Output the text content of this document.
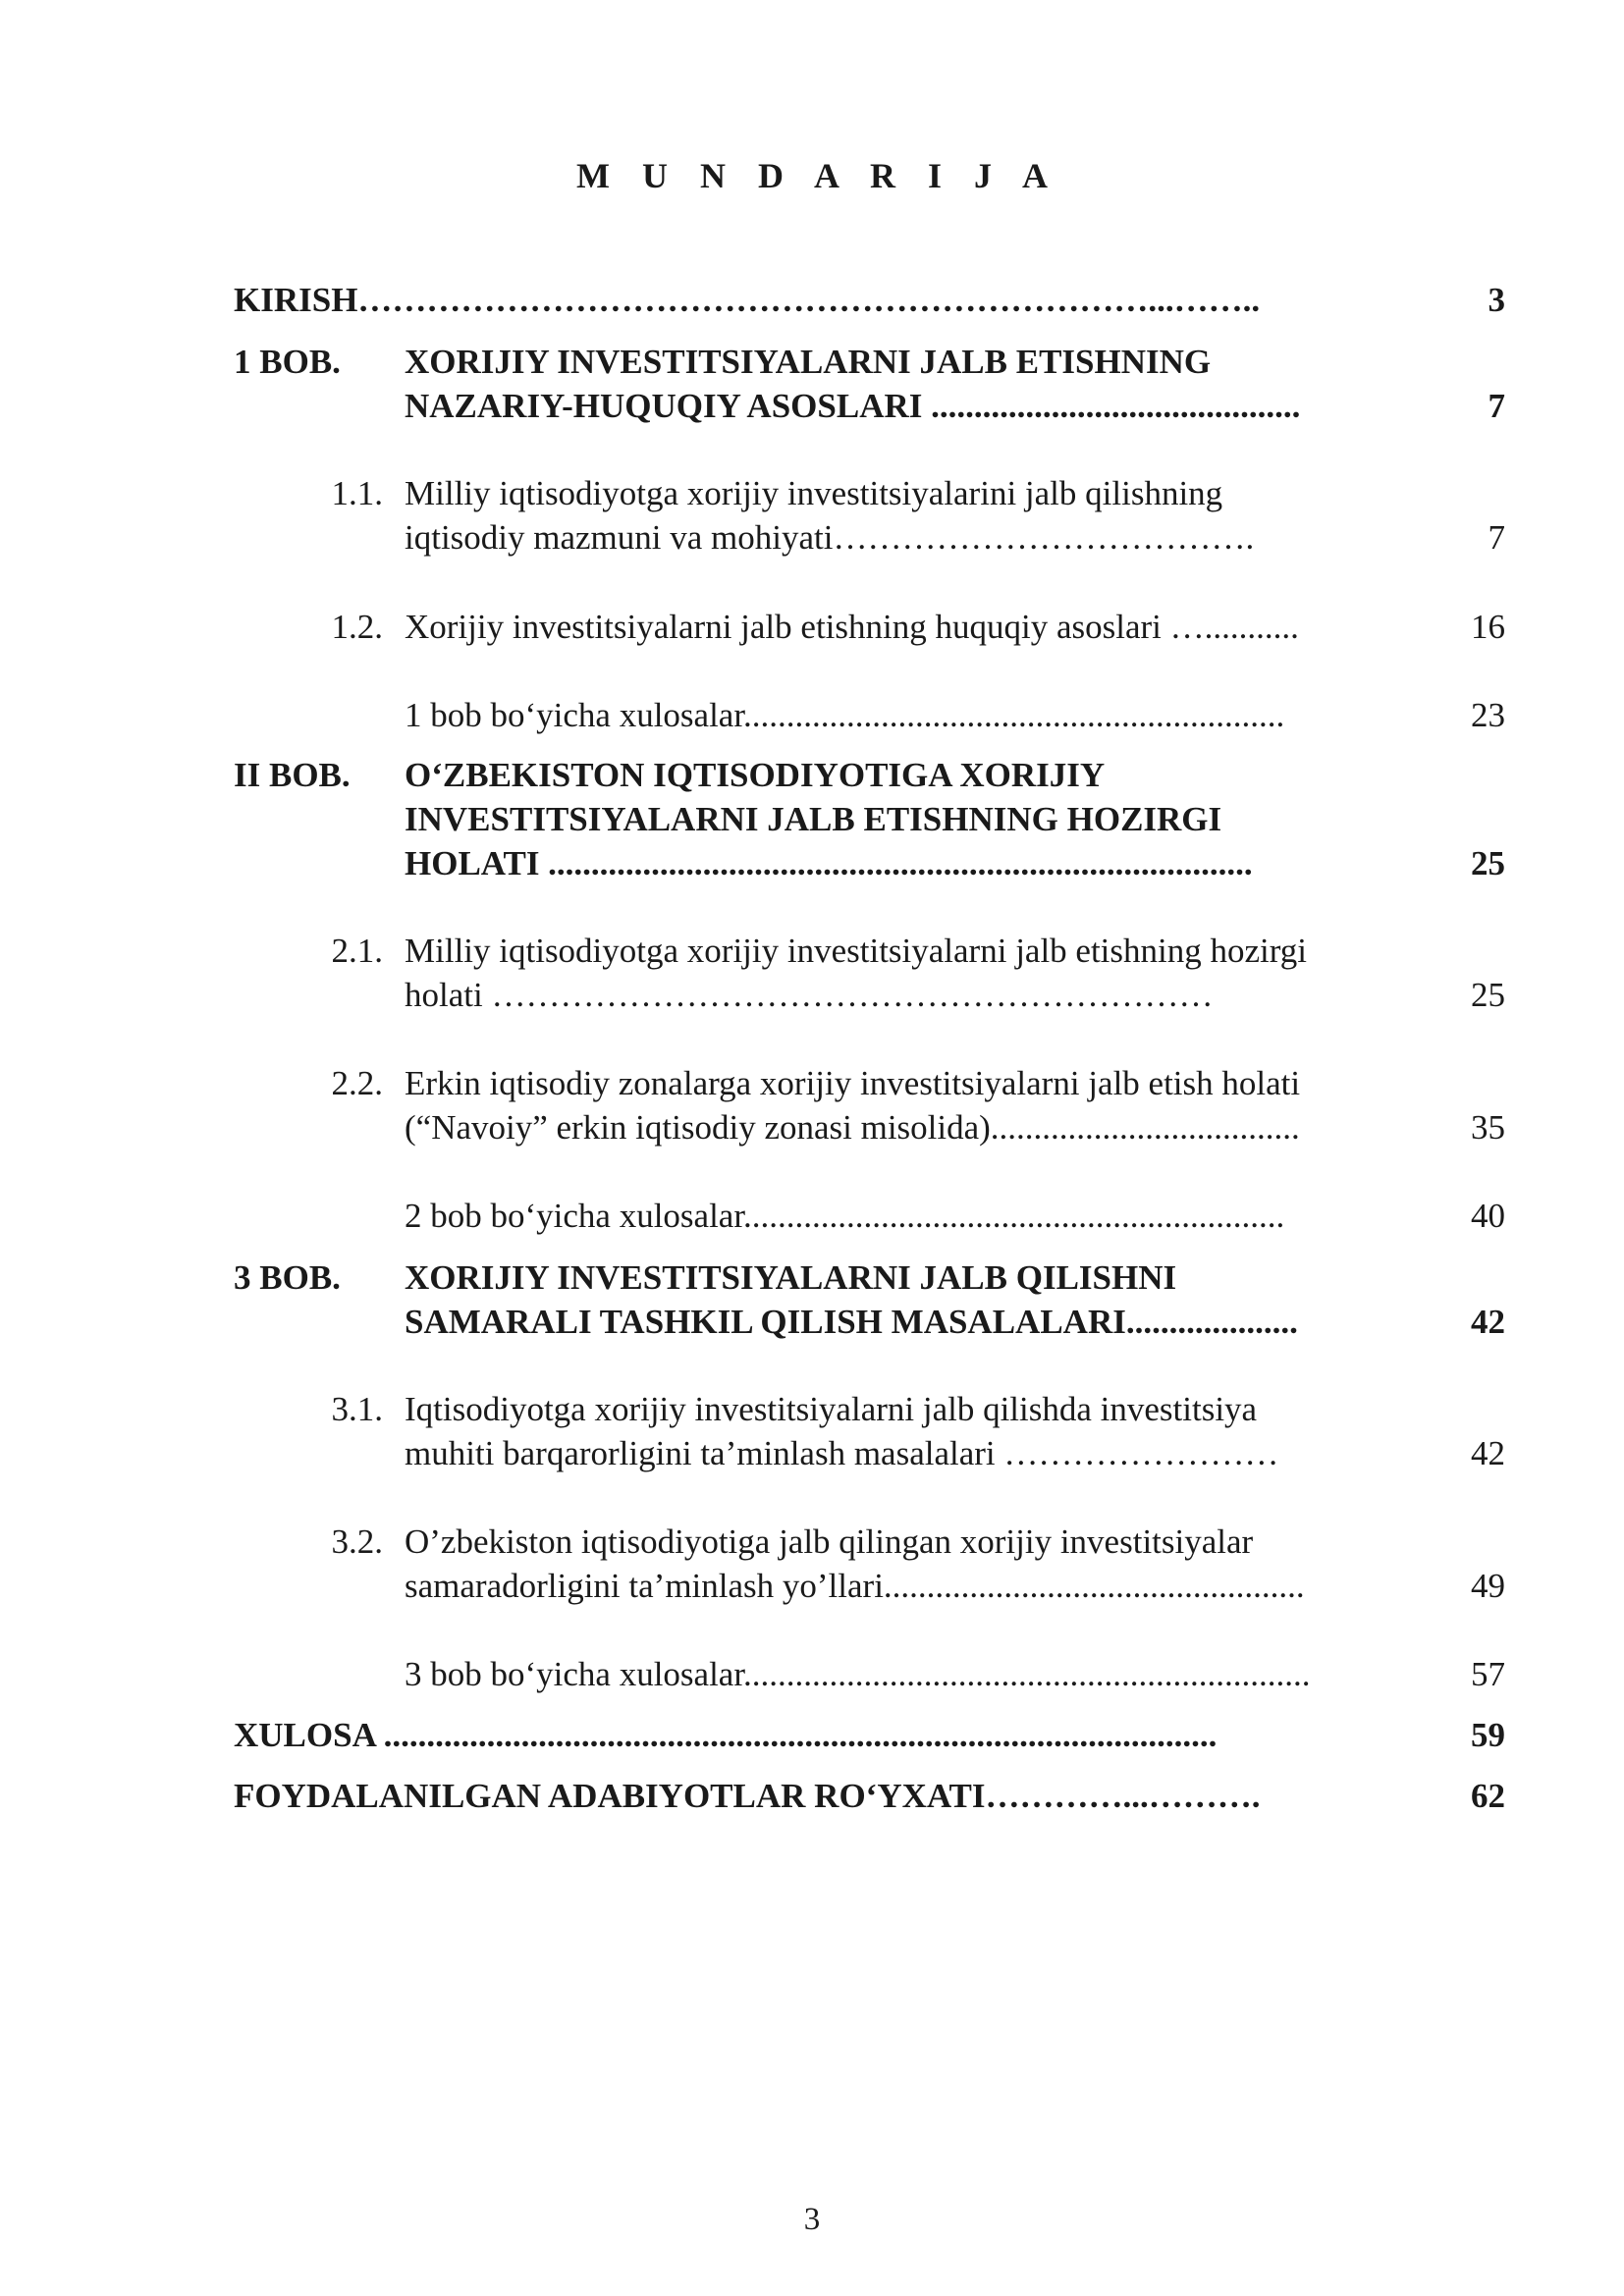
M U N D A R I J A
KIRISH……………………………………………………………...……..	3
1 BOB.	XORIJIY INVESTITSIYALARNI JALB ETISHNING
NAZARIY-HUQUQIY ASOSLARI ...........................................	7
1.1. Milliy iqtisodiyotga xorijiy investitsiyalarini jalb qilishning
iqtisodiy mazmuni va mohiyati……………………………….	7
1.2. Xorijiy investitsiyalarni jalb etishning huquqiy asoslari …...........	16
1 bob bo‘yicha xulosalar...............................................................	23
II BOB.	O‘ZBEKISTON IQTISODIYOTIGA XORIJIY
INVESTITSIYALARNI JALB ETISHNING HOZIRGI
HOLATI ..................................................................................	25
2.1. Milliy iqtisodiyotga xorijiy investitsiyalarni jalb etishning hozirgi
holati ………………………………………………………	25
2.2. Erkin iqtisodiy zonalarga xorijiy investitsiyalarni jalb etish holati
(“Navoiy” erkin iqtisodiy zonasi misolida)....................................	35
2 bob bo‘yicha xulosalar...............................................................	40
3 BOB.	XORIJIY INVESTITSIYALARNI JALB QILISHNI
SAMARALI TASHKIL QILISH MASALALARI....................	42
3.1. Iqtisodiyotga xorijiy investitsiyalarni jalb qilishda investitsiya
muhiti barqarorligini ta’minlash masalalari ……………………	42
3.2. O’zbekiston iqtisodiyotiga jalb qilingan xorijiy investitsiyalar
samaradorligini ta’minlash yo’llari.................................................	49
3 bob bo‘yicha xulosalar..................................................................	57
XULOSA .................................................................................................	59
FOYDALANILGAN ADABIYOTLAR RO‘YXATI…………...……….	62
3
